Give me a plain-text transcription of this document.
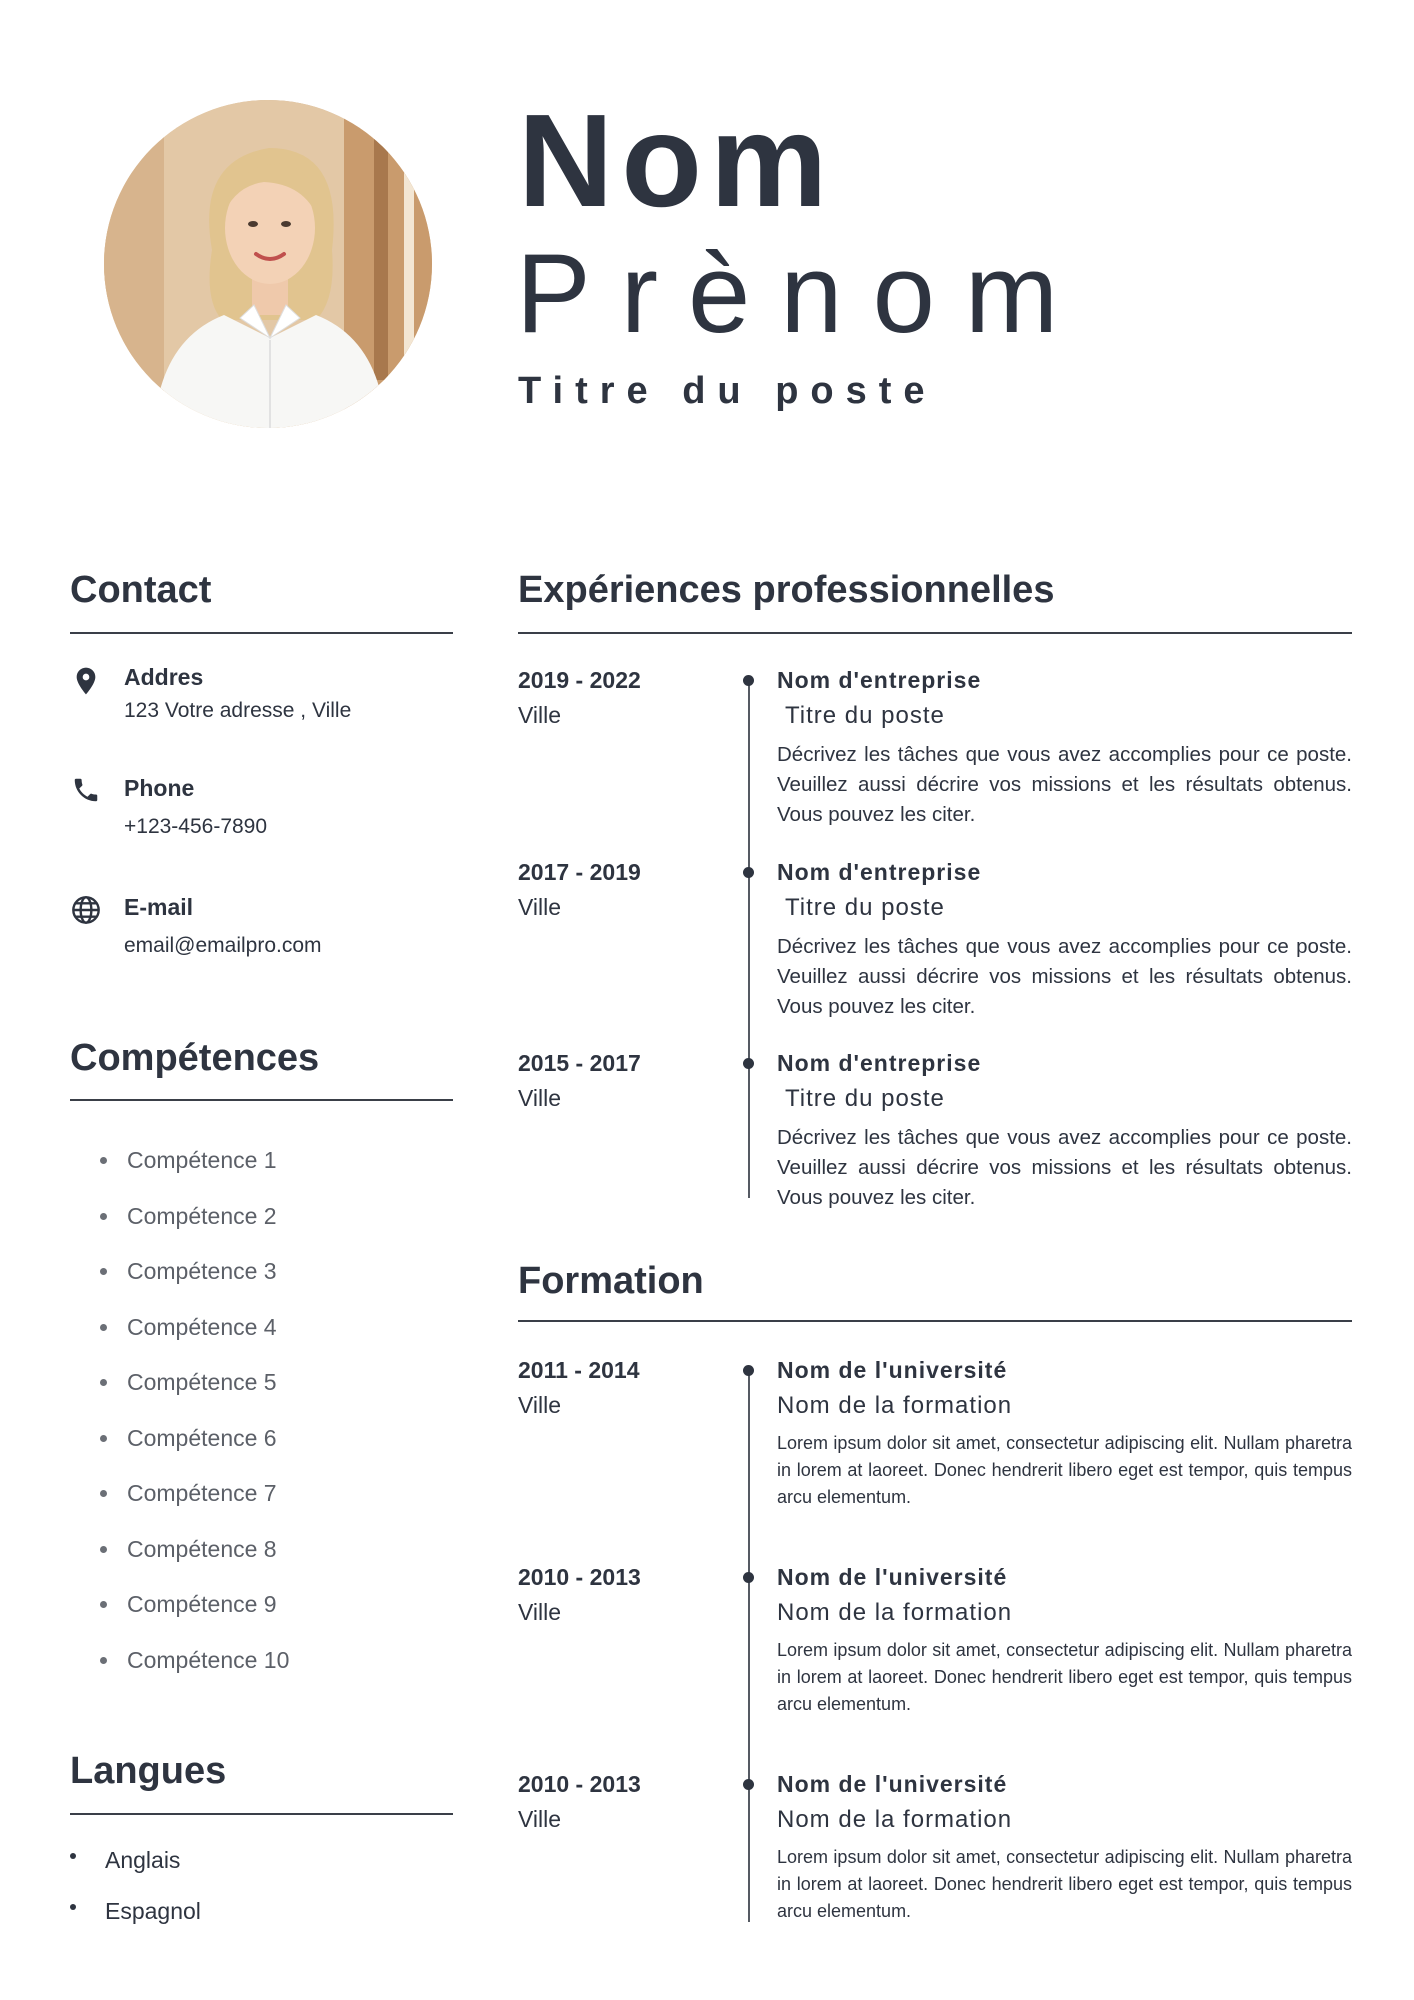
Nom
Prènom
Titre du poste
Contact
Addres
123 Votre adresse , Ville
Phone
+123-456-7890
E-mail
email@emailpro.com
Compétences
Compétence 1
Compétence 2
Compétence 3
Compétence 4
Compétence 5
Compétence 6
Compétence 7
Compétence 8
Compétence 9
Compétence 10
Langues
Anglais
Espagnol
Expériences professionnelles
2019 - 2022
Ville
Nom d'entreprise
Titre du poste
Décrivez les tâches que vous avez accomplies pour ce poste. Veuillez aussi décrire vos missions et les résultats obtenus. Vous pouvez les citer.
2017 - 2019
Ville
Nom d'entreprise
Titre du poste
Décrivez les tâches que vous avez accomplies pour ce poste. Veuillez aussi décrire vos missions et les résultats obtenus. Vous pouvez les citer.
2015 - 2017
Ville
Nom d'entreprise
Titre du poste
Décrivez les tâches que vous avez accomplies pour ce poste. Veuillez aussi décrire vos missions et les résultats obtenus. Vous pouvez les citer.
Formation
2011 - 2014
Ville
Nom de l'université
Nom de la formation
Lorem ipsum dolor sit amet, consectetur adipiscing elit. Nullam pharetra in lorem at laoreet. Donec hendrerit libero eget est tempor, quis tempus arcu elementum.
2010 - 2013
Ville
Nom de l'université
Nom de la formation
Lorem ipsum dolor sit amet, consectetur adipiscing elit. Nullam pharetra in lorem at laoreet. Donec hendrerit libero eget est tempor, quis tempus arcu elementum.
2010 - 2013
Ville
Nom de l'université
Nom de la formation
Lorem ipsum dolor sit amet, consectetur adipiscing elit. Nullam pharetra in lorem at laoreet. Donec hendrerit libero eget est tempor, quis tempus arcu elementum.
